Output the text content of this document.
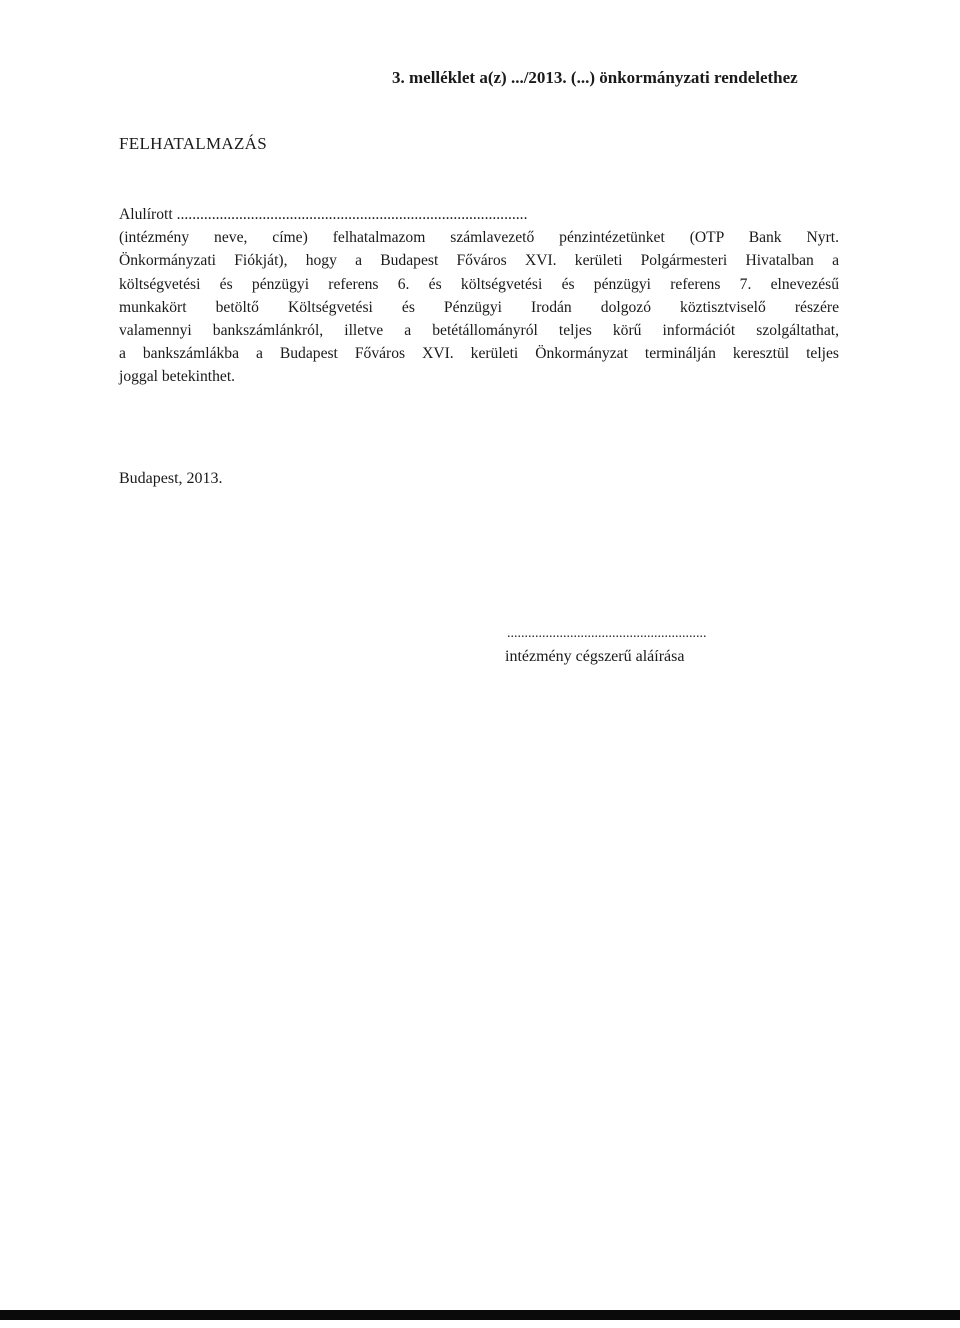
3. melléklet a(z) .../2013. (...) önkormányzati rendelethez
FELHATALMAZÁS
Alulírott ..........................................................................................
(intézmény neve, címe) felhatalmazom számlavezető pénzintézetünket (OTP Bank Nyrt.
Önkormányzati Fiókját), hogy a Budapest Főváros XVI. kerületi Polgármesteri Hivatalban a
költségvetési és pénzügyi referens 6. és költségvetési és pénzügyi referens 7. elnevezésű
munkakört betöltő Költségvetési és Pénzügyi Irodán dolgozó köztisztviselő részére
valamennyi bankszámlánkról, illetve a betétállományról teljes körű információt szolgáltathat,
a bankszámlákba a Budapest Főváros XVI. kerületi Önkormányzat terminálján keresztül teljes
joggal betekinthet.
Budapest, 2013.
.........................................................
intézmény cégszerű aláírása
